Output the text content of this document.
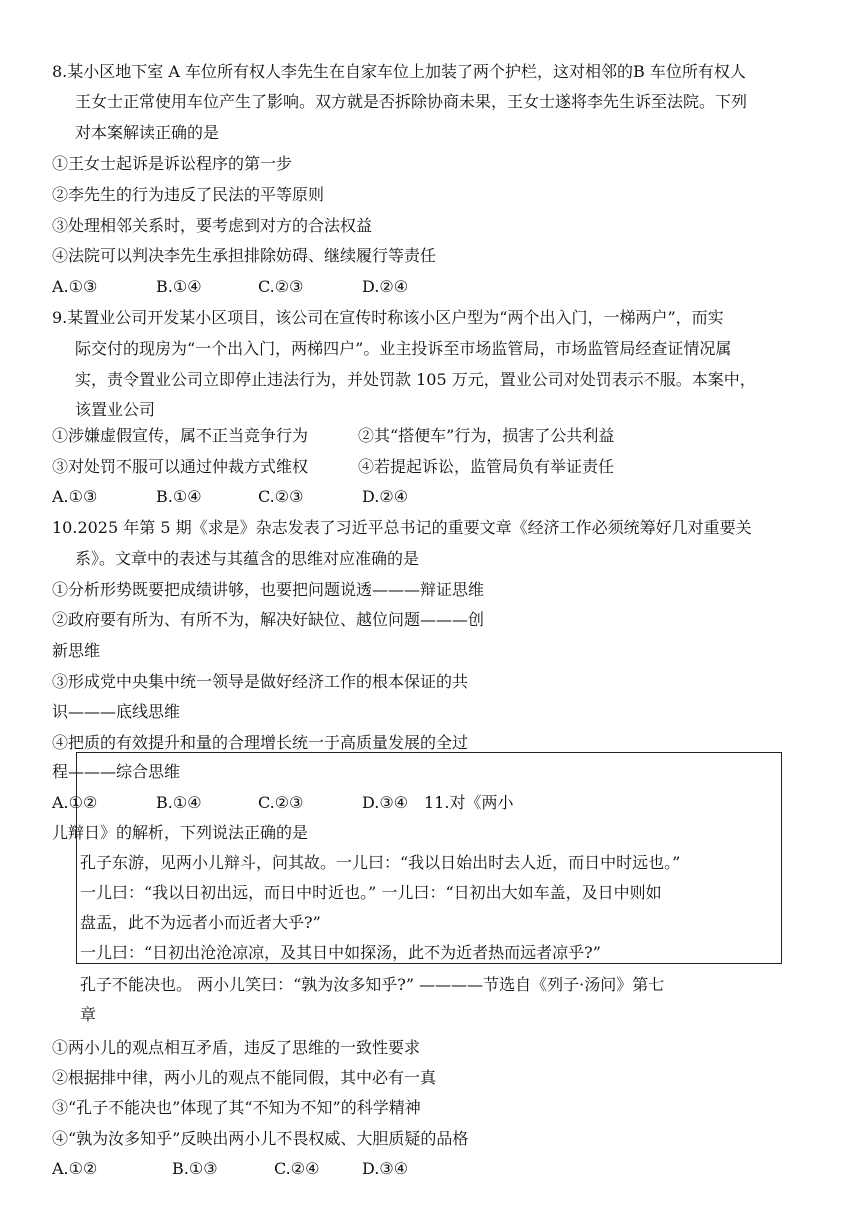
8.某小区地下室 A 车位所有权人李先生在自家车位上加装了两个护栏，这对相邻的B 车位所有权人
王女士正常使用车位产生了影响。双方就是否拆除协商未果，王女士遂将李先生诉至法院。下列
对本案解读正确的是
①王女士起诉是诉讼程序的第一步
②李先生的行为违反了民法的平等原则
③处理相邻关系时，要考虑到对方的合法权益
④法院可以判决李先生承担排除妨碍、继续履行等责任
A.①③	B.①④	C.②③	D.②④
9.某置业公司开发某小区项目，该公司在宣传时称该小区户型为“两个出入门，一梯两户”，而实
际交付的现房为“一个出入门，两梯四户”。业主投诉至市场监管局，市场监管局经查证情况属
实，责令置业公司立即停止违法行为，并处罚款 105 万元，置业公司对处罚表示不服。本案中，
该置业公司
①涉嫌虚假宣传，属不正当竞争行为	②其“搭便车”行为，损害了公共利益
③对处罚不服可以通过仲裁方式维权	④若提起诉讼，监管局负有举证责任
A.①③	B.①④	C.②③	D.②④
10.2025 年第 5 期《求是》杂志发表了习近平总书记的重要文章《经济工作必须统筹好几对重要关
系》。文章中的表述与其蕴含的思维对应准确的是
①分析形势既要把成绩讲够，也要把问题说透———辩证思维
②政府要有所为、有所不为，解决好缺位、越位问题———创
新思维
③形成党中央集中统一领导是做好经济工作的根本保证的共
识———底线思维
④把质的有效提升和量的合理增长统一于高质量发展的全过
程———综合思维
A.①②	B.①④	C.②③	D.③④ 11.对《两小
儿辩日》的解析，下列说法正确的是
孔子东游，见两小儿辩斗，问其故。一儿曰：“我以日始出时去人近，而日中时远也。”
一儿曰：“我以日初出远，而日中时近也。” 一儿曰：“日初出大如车盖，及日中则如
盘盂，此不为远者小而近者大乎?”
一儿曰：“日初出沧沧凉凉，及其日中如探汤，此不为近者热而远者凉乎?”
孔子不能决也。 两小儿笑曰：“孰为汝多知乎?” ————节选自《列子·汤问》第七
章
①两小儿的观点相互矛盾，违反了思维的一致性要求
②根据排中律，两小儿的观点不能同假，其中必有一真
③“孔子不能决也”体现了其“不知为不知”的科学精神
④“孰为汝多知乎”反映出两小儿不畏权威、大胆质疑的品格
A.①②	B.①③	C.②④	D.③④
